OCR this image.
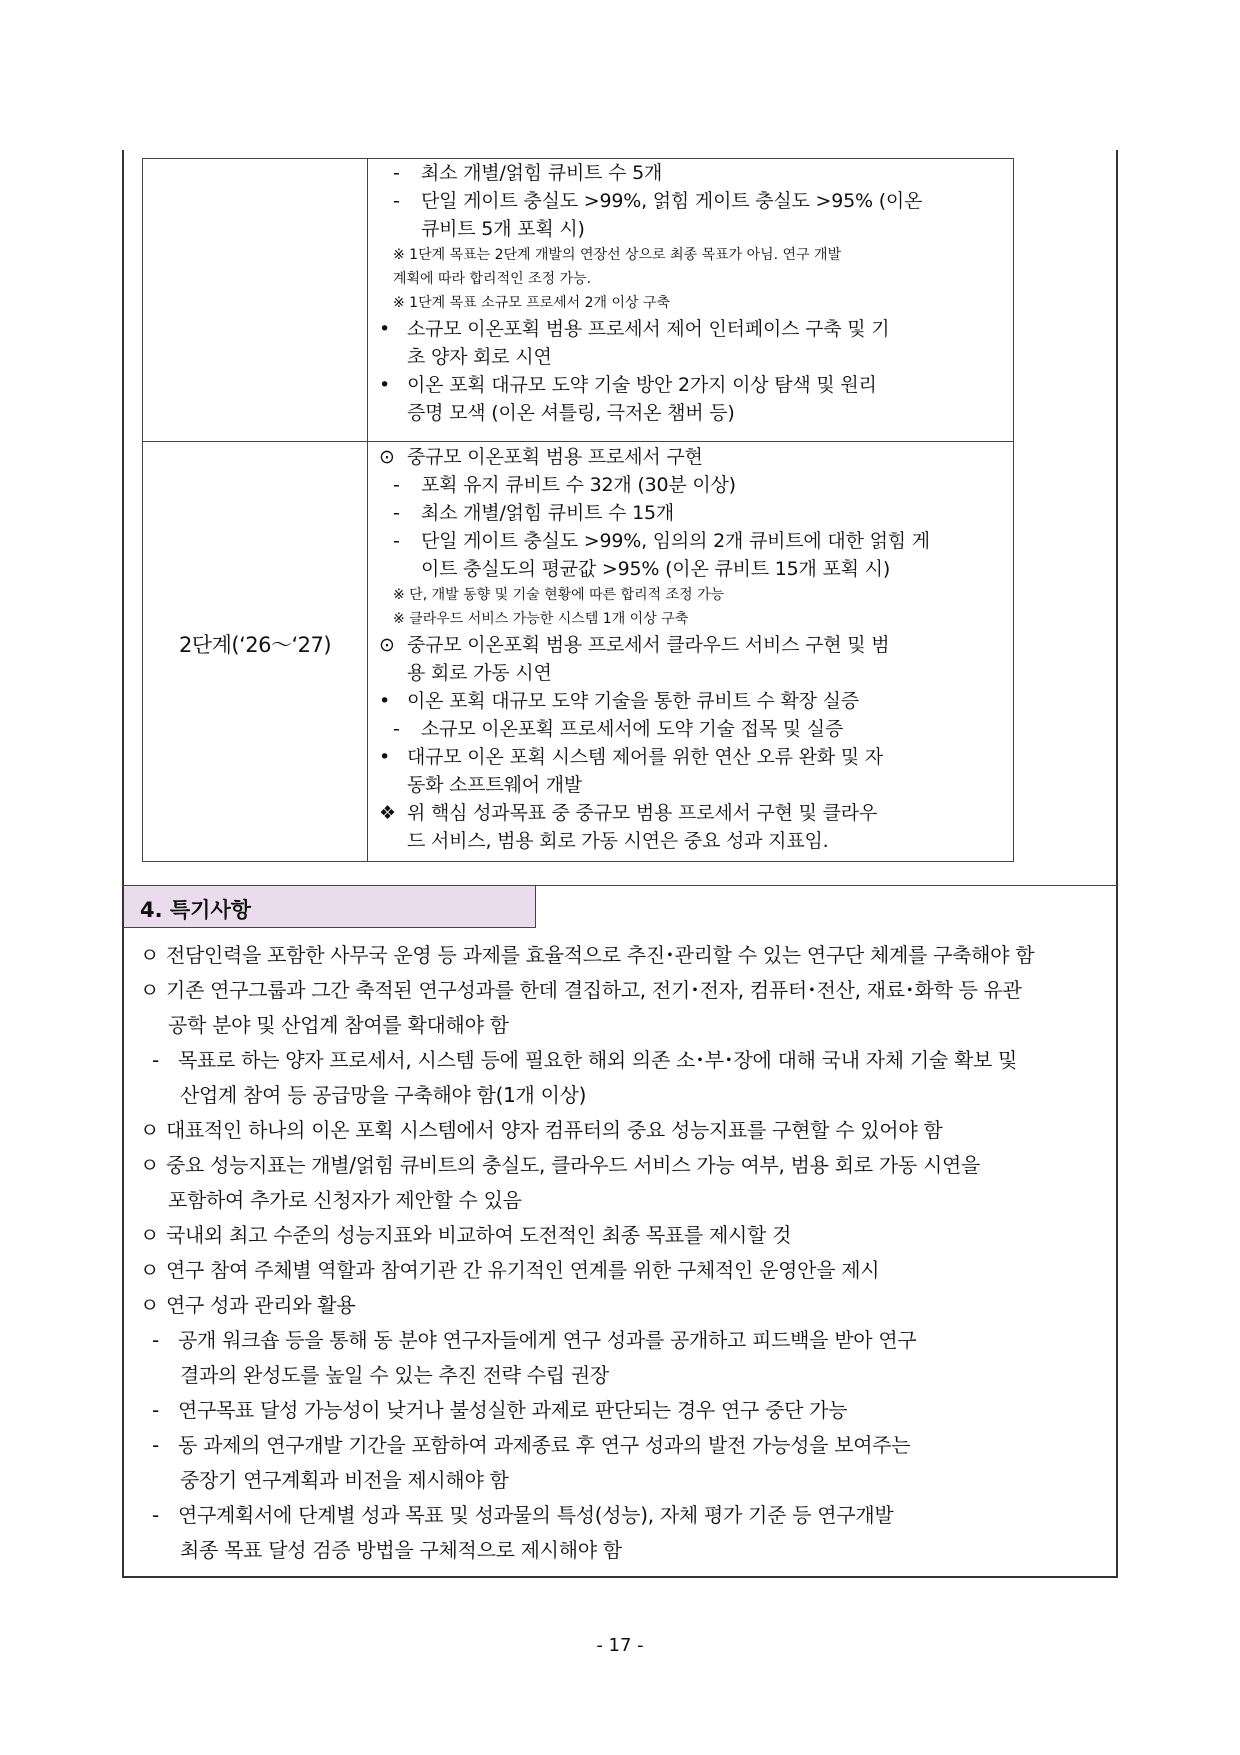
2단계(‘26～‘27)
- 최소 개별/얽힘 큐비트 수 5개
- 단일 게이트 충실도 >99%, 얽힘 게이트 충실도 >95% (이온
큐비트 5개 포획 시)
※ 1단계 목표는 2단계 개발의 연장선 상으로 최종 목표가 아님. 연구 개발
계획에 따라 합리적인 조정 가능.
※ 1단계 목표 소규모 프로세서 2개 이상 구축
• 소규모 이온포획 범용 프로세서 제어 인터페이스 구축 및 기
초 양자 회로 시연
• 이온 포획 대규모 도약 기술 방안 2가지 이상 탐색 및 원리
증명 모색 (이온 셔틀링, 극저온 챔버 등)
⊙ 중규모 이온포획 범용 프로세서 구현
- 포획 유지 큐비트 수 32개 (30분 이상)
- 최소 개별/얽힘 큐비트 수 15개
- 단일 게이트 충실도 >99%, 임의의 2개 큐비트에 대한 얽힘 게
이트 충실도의 평균값 >95% (이온 큐비트 15개 포획 시)
※ 단, 개발 동향 및 기술 현황에 따른 합리적 조정 가능
※ 클라우드 서비스 가능한 시스템 1개 이상 구축
⊙ 중규모 이온포획 범용 프로세서 클라우드 서비스 구현 및 범
용 회로 가동 시연
• 이온 포획 대규모 도약 기술을 통한 큐비트 수 확장 실증
- 소규모 이온포획 프로세서에 도약 기술 접목 및 실증
• 대규모 이온 포획 시스템 제어를 위한 연산 오류 완화 및 자
동화 소프트웨어 개발
❖ 위 핵심 성과목표 중 중규모 범용 프로세서 구현 및 클라우
드 서비스, 범용 회로 가동 시연은 중요 성과 지표임.
4. 특기사항
ㅇ 전담인력을 포함한 사무국 운영 등 과제를 효율적으로 추진･관리할 수 있는 연구단 체계를 구축해야 함
ㅇ 기존 연구그룹과 그간 축적된 연구성과를 한데 결집하고, 전기･전자, 컴퓨터･전산, 재료･화학 등 유관
공학 분야 및 산업계 참여를 확대해야 함
- 목표로 하는 양자 프로세서, 시스템 등에 필요한 해외 의존 소･부･장에 대해 국내 자체 기술 확보 및
산업계 참여 등 공급망을 구축해야 함(1개 이상)
ㅇ 대표적인 하나의 이온 포획 시스템에서 양자 컴퓨터의 중요 성능지표를 구현할 수 있어야 함
ㅇ 중요 성능지표는 개별/얽힘 큐비트의 충실도, 클라우드 서비스 가능 여부, 범용 회로 가동 시연을
포함하여 추가로 신청자가 제안할 수 있음
ㅇ 국내외 최고 수준의 성능지표와 비교하여 도전적인 최종 목표를 제시할 것
ㅇ 연구 참여 주체별 역할과 참여기관 간 유기적인 연계를 위한 구체적인 운영안을 제시
ㅇ 연구 성과 관리와 활용
- 공개 워크숍 등을 통해 동 분야 연구자들에게 연구 성과를 공개하고 피드백을 받아 연구
결과의 완성도를 높일 수 있는 추진 전략 수립 권장
- 연구목표 달성 가능성이 낮거나 불성실한 과제로 판단되는 경우 연구 중단 가능
- 동 과제의 연구개발 기간을 포함하여 과제종료 후 연구 성과의 발전 가능성을 보여주는
중장기 연구계획과 비전을 제시해야 함
- 연구계획서에 단계별 성과 목표 및 성과물의 특성(성능), 자체 평가 기준 등 연구개발
최종 목표 달성 검증 방법을 구체적으로 제시해야 함
- 17 -
